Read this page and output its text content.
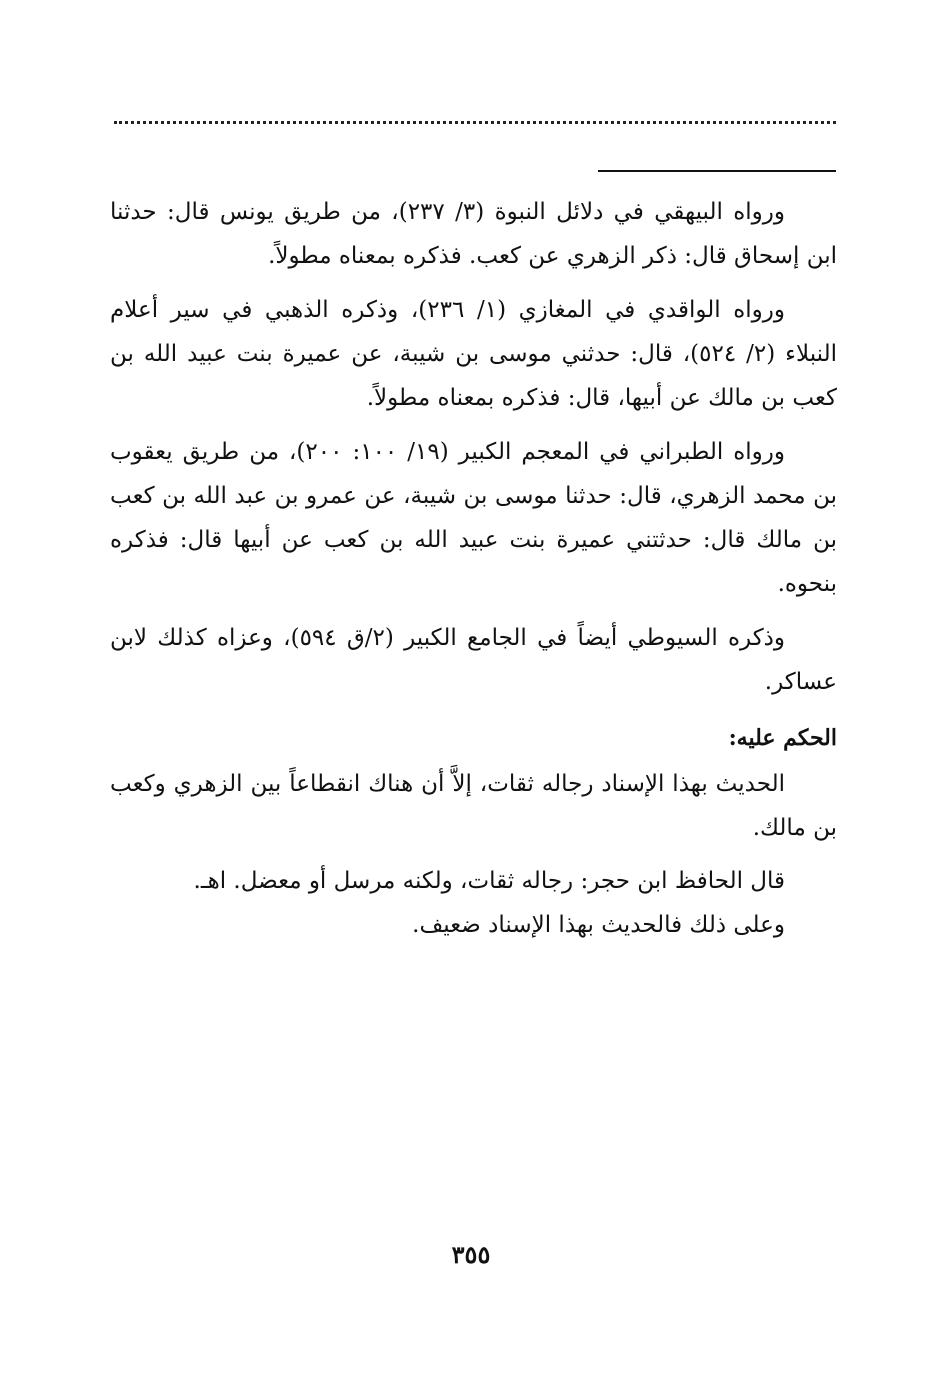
ورواه البيهقي في دلائل النبوة (٣/ ٢٣٧)، من طريق يونس قال: حدثنا ابن إسحاق قال: ذكر الزهري عن كعب. فذكره بمعناه مطولاً.

ورواه الواقدي في المغازي (١/ ٢٣٦)، وذكره الذهبي في سير أعلام النبلاء (٢/ ٥٢٤)، قال: حدثني موسى بن شيبة، عن عميرة بنت عبيد الله بن كعب بن مالك عن أبيها، قال: فذكره بمعناه مطولاً.

ورواه الطبراني في المعجم الكبير (١٩/ ١٠٠: ٢٠٠)، من طريق يعقوب بن محمد الزهري، قال: حدثنا موسى بن شيبة، عن عمرو بن عبد الله بن كعب بن مالك قال: حدثتني عميرة بنت عبيد الله بن كعب عن أبيها قال: فذكره بنحوه.

وذكره السيوطي أيضاً في الجامع الكبير (٢/ق ٥٩٤)، وعزاه كذلك لابن عساكر.

الحكم عليه:

الحديث بهذا الإسناد رجاله ثقات، إلاَّ أن هناك انقطاعاً بين الزهري وكعب بن مالك.

قال الحافظ ابن حجر: رجاله ثقات، ولكنه مرسل أو معضل. اهـ.

وعلى ذلك فالحديث بهذا الإسناد ضعيف.

٣٥٥
